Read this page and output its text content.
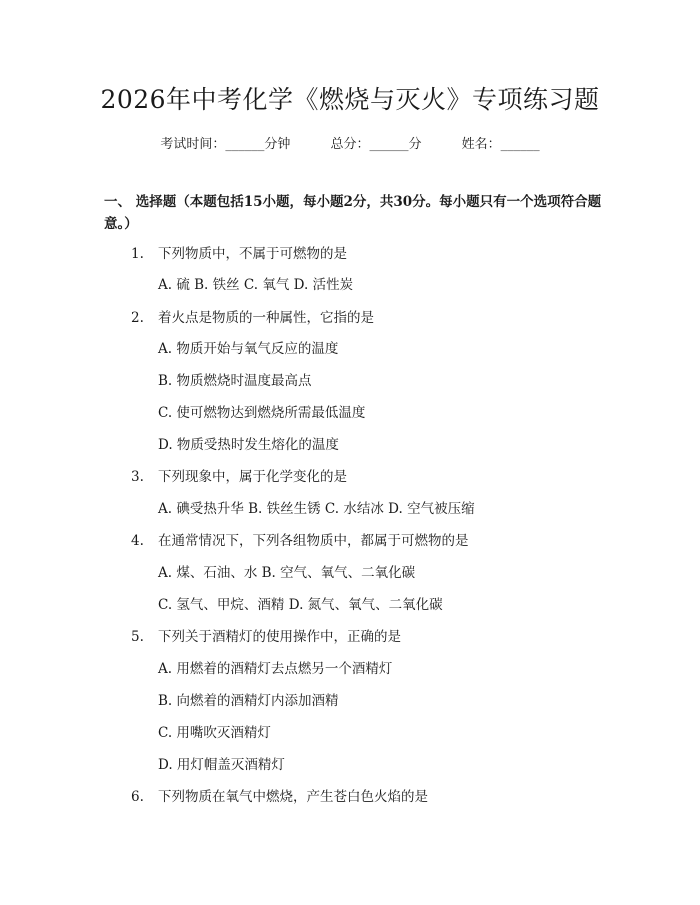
2026年中考化学《燃烧与灭火》专项练习题
考试时间：______分钟	总分：______分	姓名：______
一、 选择题（本题包括15小题，每小题2分，共30分。每小题只有一个选项符合题意。）
1. 下列物质中，不属于可燃物的是
A. 硫 B. 铁丝 C. 氧气 D. 活性炭
2. 着火点是物质的一种属性，它指的是
A. 物质开始与氧气反应的温度
B. 物质燃烧时温度最高点
C. 使可燃物达到燃烧所需最低温度
D. 物质受热时发生熔化的温度
3. 下列现象中，属于化学变化的是
A. 碘受热升华 B. 铁丝生锈 C. 水结冰 D. 空气被压缩
4. 在通常情况下，下列各组物质中，都属于可燃物的是
A. 煤、石油、水 B. 空气、氧气、二氧化碳
C. 氢气、甲烷、酒精 D. 氮气、氧气、二氧化碳
5. 下列关于酒精灯的使用操作中，正确的是
A. 用燃着的酒精灯去点燃另一个酒精灯
B. 向燃着的酒精灯内添加酒精
C. 用嘴吹灭酒精灯
D. 用灯帽盖灭酒精灯
6. 下列物质在氧气中燃烧，产生苍白色火焰的是
